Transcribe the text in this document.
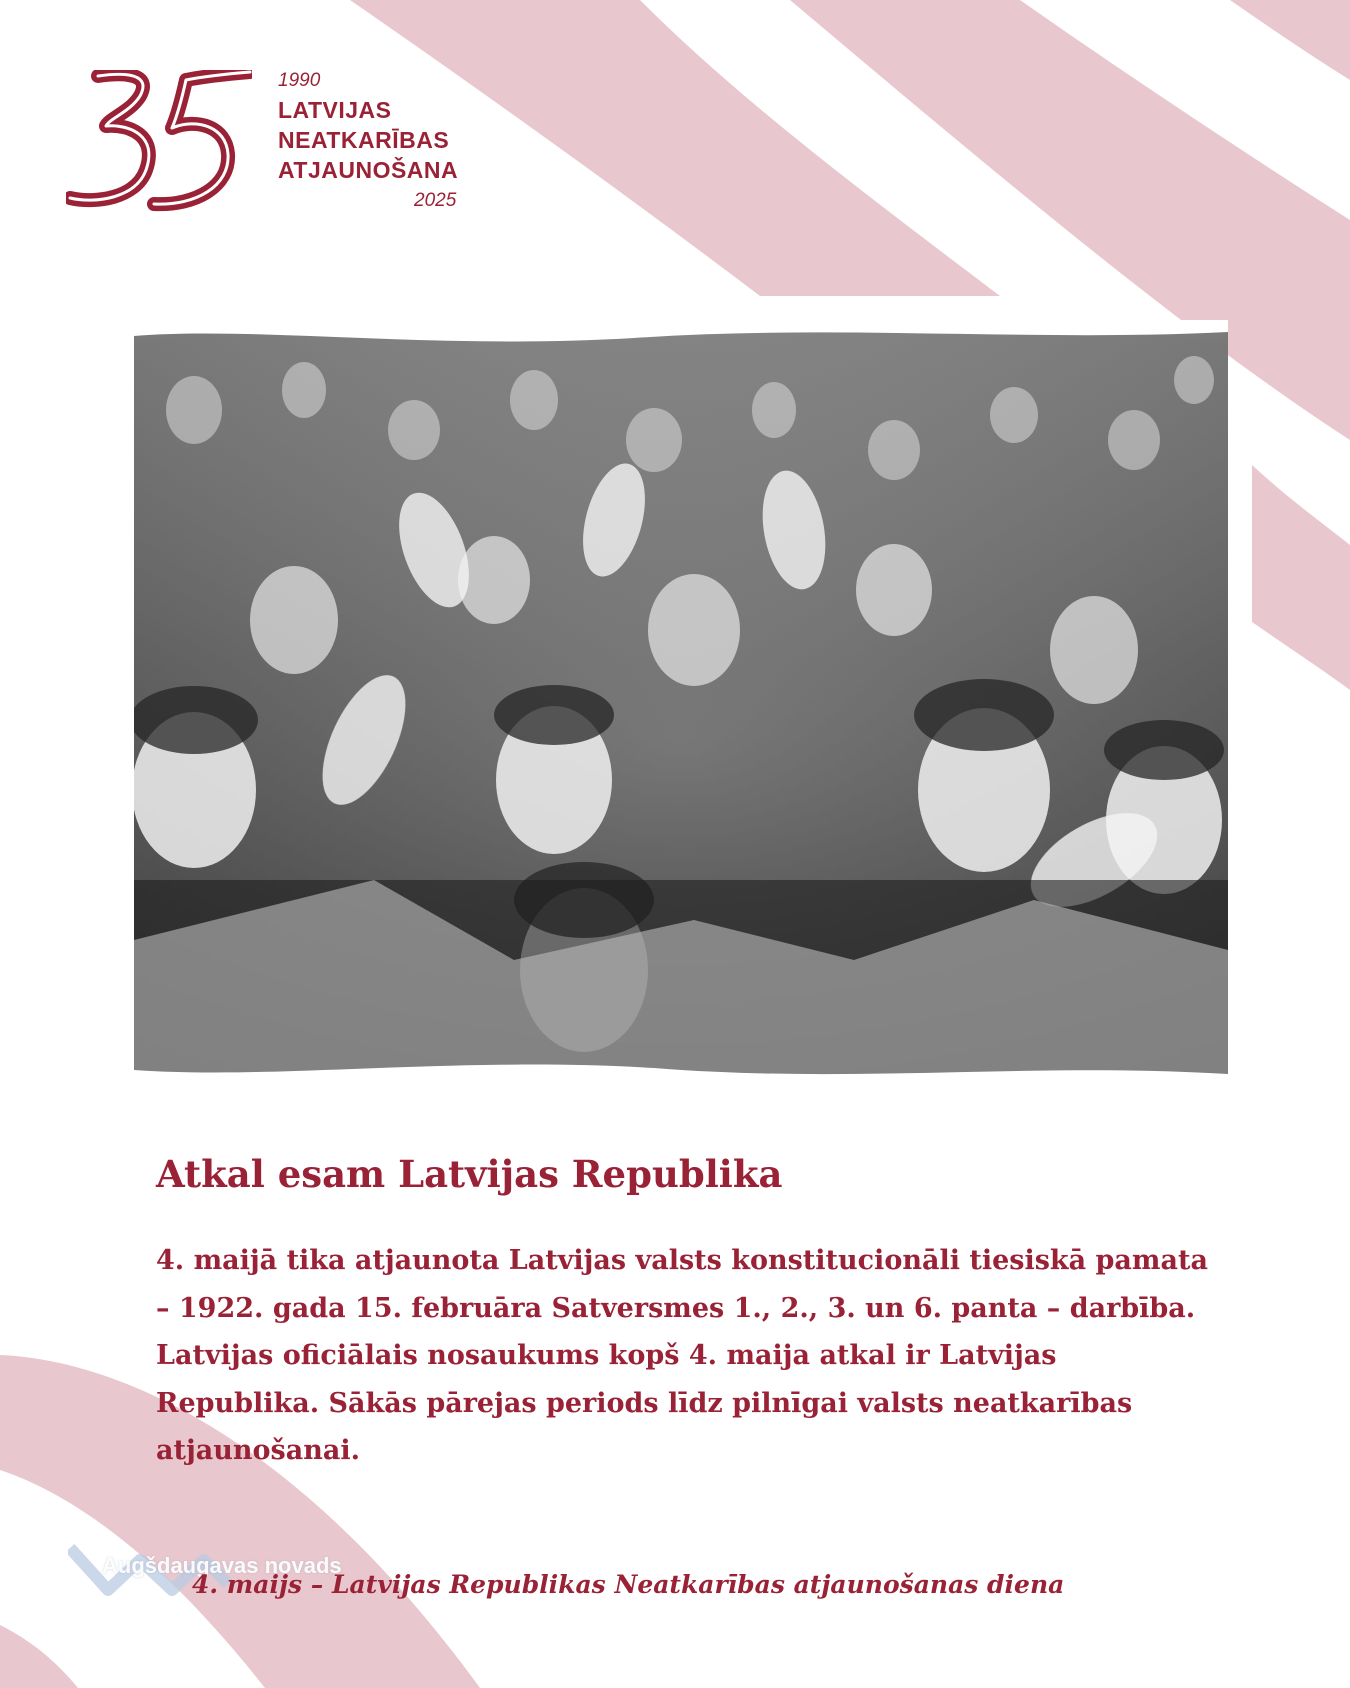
1990
LATVIJAS
NEATKARĪBAS
ATJAUNOŠANA
2025
Atkal esam Latvijas Republika
4. maijā tika atjaunota Latvijas valsts konstitucionāli tiesiskā pamata – 1922. gada 15. februāra Satversmes 1., 2., 3. un 6. panta – darbība. Latvijas oficiālais nosaukums kopš 4. maija atkal ir Latvijas Republika. Sākās pārejas periods līdz pilnīgai valsts neatkarības atjaunošanai.
Augšdaugavas novads
4. maijs – Latvijas Republikas Neatkarības atjaunošanas diena
